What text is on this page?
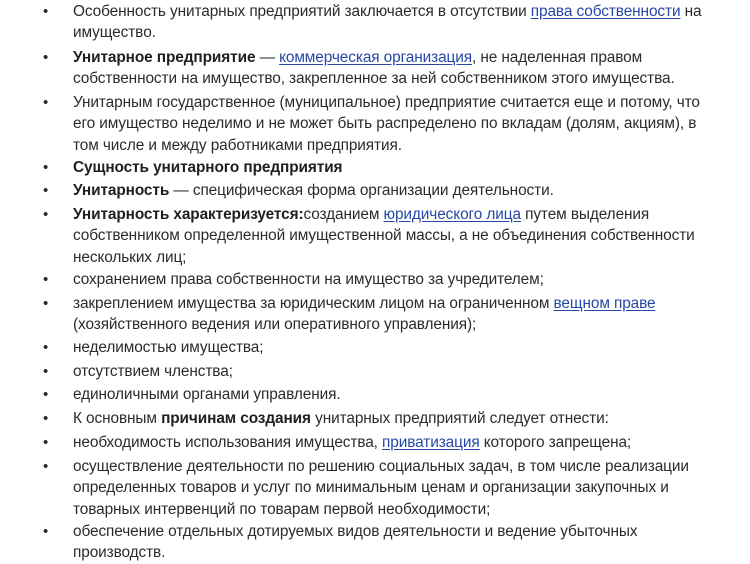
• Особенность унитарных предприятий заключается в отсутствии права собственности на имуществo.
• Унитарное предприятие — коммерческая организация, не наделенная правом собственности на имущество, закрепленное за ней собственником этого имущества.
• Унитарным государственное (муниципальное) предприятие считается еще и потому, что его имущество неделимо и не может быть распределено по вкладам (долям, акциям), в том числе и между работниками предприятия.
• Сущность унитарного предприятия
• Унитарность — специфическая форма организации деятельности.
• Унитарность характеризуется:созданием юридического лица путем выделения собственником определенной имущественной массы, а не объединения собственности нескольких лиц;
• сохранением права собственности на имущество за учредителем;
• закреплением имущества за юридическим лицом на ограниченном вещном праве (хозяйственного ведения или оперативного управления);
• неделимостью имущества;
• отсутствием членства;
• единоличными органами управления.
• К основным причинам создания унитарных предприятий следует отнести:
• необходимость использования имущества, приватизация которого запрещена;
• осуществление деятельности по решению социальных задач, в том числе реализации определенных товаров и услуг по минимальным ценам и организации закупочных и товарных интервенций по товарам первой необходимости;
• обеспечение отдельных дотируемых видов деятельности и ведение убыточных производств.
